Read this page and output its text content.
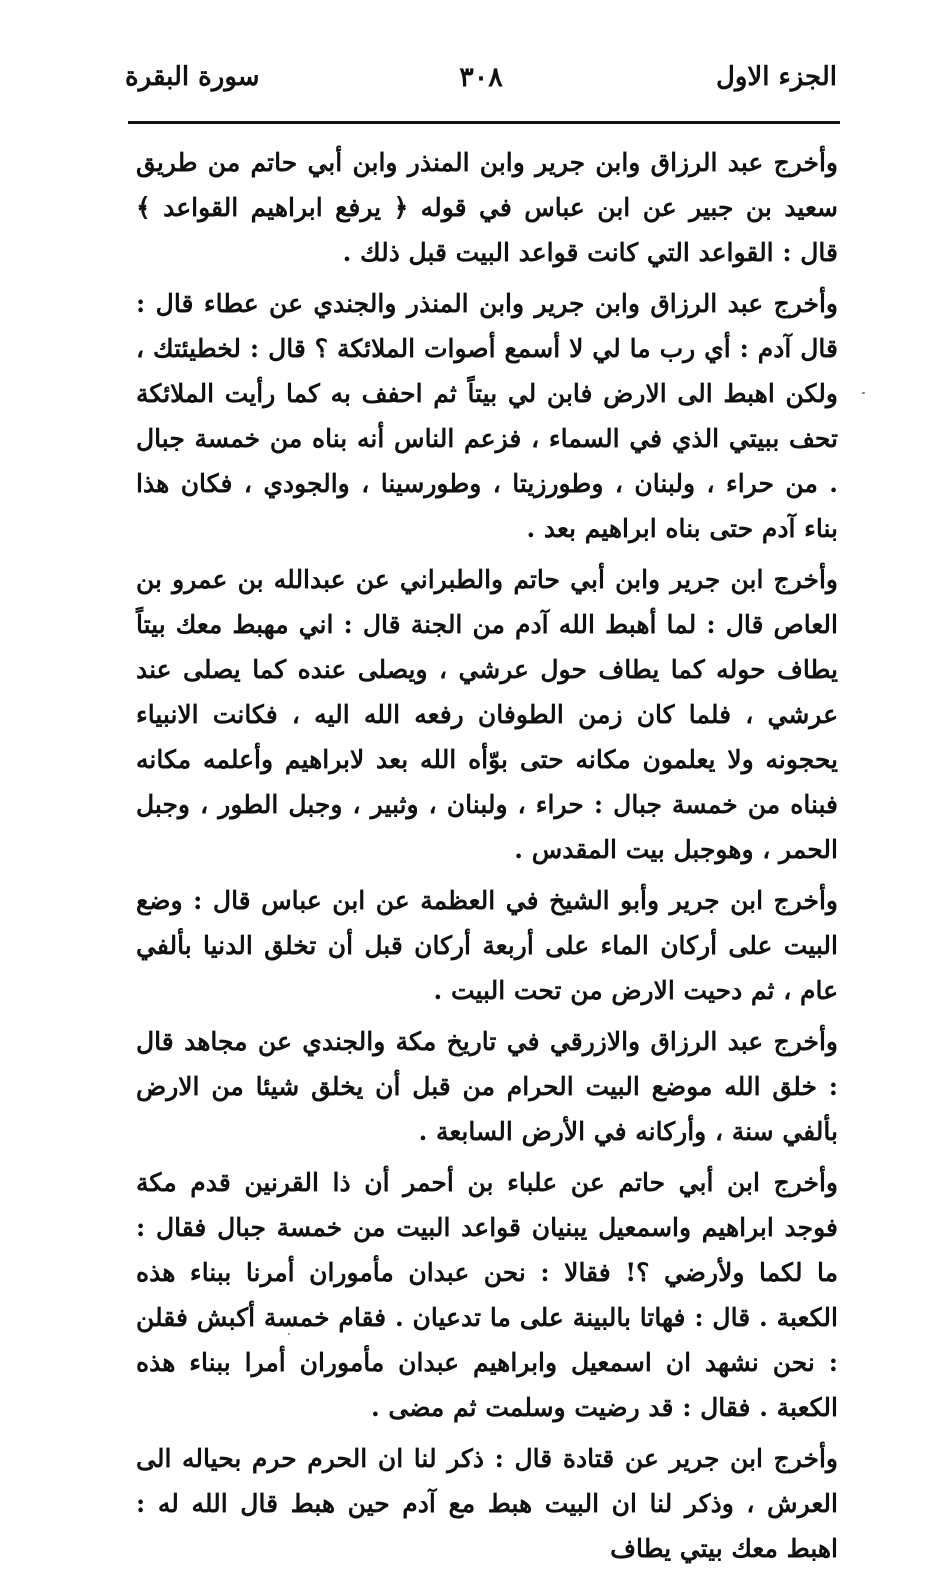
الجزء الاول
٣٠٨
سورة البقرة

وأخرج عبد الرزاق وابن جرير وابن المنذر وابن أبي حاتم من طريق سعيد بن جبير عن ابن عباس في قوله ﴿ يرفع ابراهيم القواعد ﴾ قال : القواعد التي كانت قواعد البيت قبل ذلك .

وأخرج عبد الرزاق وابن جرير وابن المنذر والجندي عن عطاء قال : قال آدم : أي رب ما لي لا أسمع أصوات الملائكة ؟ قال : لخطيئتك ، ولكن اهبط الى الارض فابن لي بيتاً ثم احفف به كما رأيت الملائكة تحف ببيتي الذي في السماء ، فزعم الناس أنه بناه من خمسة جبال . من حراء ، ولبنان ، وطورزيتا ، وطورسينا ، والجودي ، فكان هذا بناء آدم حتى بناه ابراهيم بعد .

وأخرج ابن جرير وابن أبي حاتم والطبراني عن عبدالله بن عمرو بن العاص قال : لما أهبط الله آدم من الجنة قال : اني مهبط معك بيتاً يطاف حوله كما يطاف حول عرشي ، ويصلى عنده كما يصلى عند عرشي ، فلما كان زمن الطوفان رفعه الله اليه ، فكانت الانبياء يحجونه ولا يعلمون مكانه حتى بوّأه الله بعد لابراهيم وأعلمه مكانه فبناه من خمسة جبال : حراء ، ولبنان ، وثبير ، وجبل الطور ، وجبل الحمر ، وهوجبل بيت المقدس .

وأخرج ابن جرير وأبو الشيخ في العظمة عن ابن عباس قال : وضع البيت على أركان الماء على أربعة أركان قبل أن تخلق الدنيا بألفي عام ، ثم دحيت الارض من تحت البيت .

وأخرج عبد الرزاق والازرقي في تاريخ مكة والجندي عن مجاهد قال : خلق الله موضع البيت الحرام من قبل أن يخلق شيئا من الارض بألفي سنة ، وأركانه في الأرض السابعة .

وأخرج ابن أبي حاتم عن علباء بن أحمر أن ذا القرنين قدم مكة فوجد ابراهيم واسمعيل يبنيان قواعد البيت من خمسة جبال فقال : ما لكما ولأرضي ؟! فقالا : نحن عبدان مأموران أمرنا ببناء هذه الكعبة . قال : فهاتا بالبينة على ما تدعيان . فقام خمسة أكبش فقلن : نحن نشهد ان اسمعيل وابراهيم عبدان مأموران أمرا ببناء هذه الكعبة . فقال : قد رضيت وسلمت ثم مضى .

وأخرج ابن جرير عن قتادة قال : ذكر لنا ان الحرم حرم بحياله الى العرش ، وذكر لنا ان البيت هبط مع آدم حين هبط قال الله له : اهبط معك بيتي يطاف
